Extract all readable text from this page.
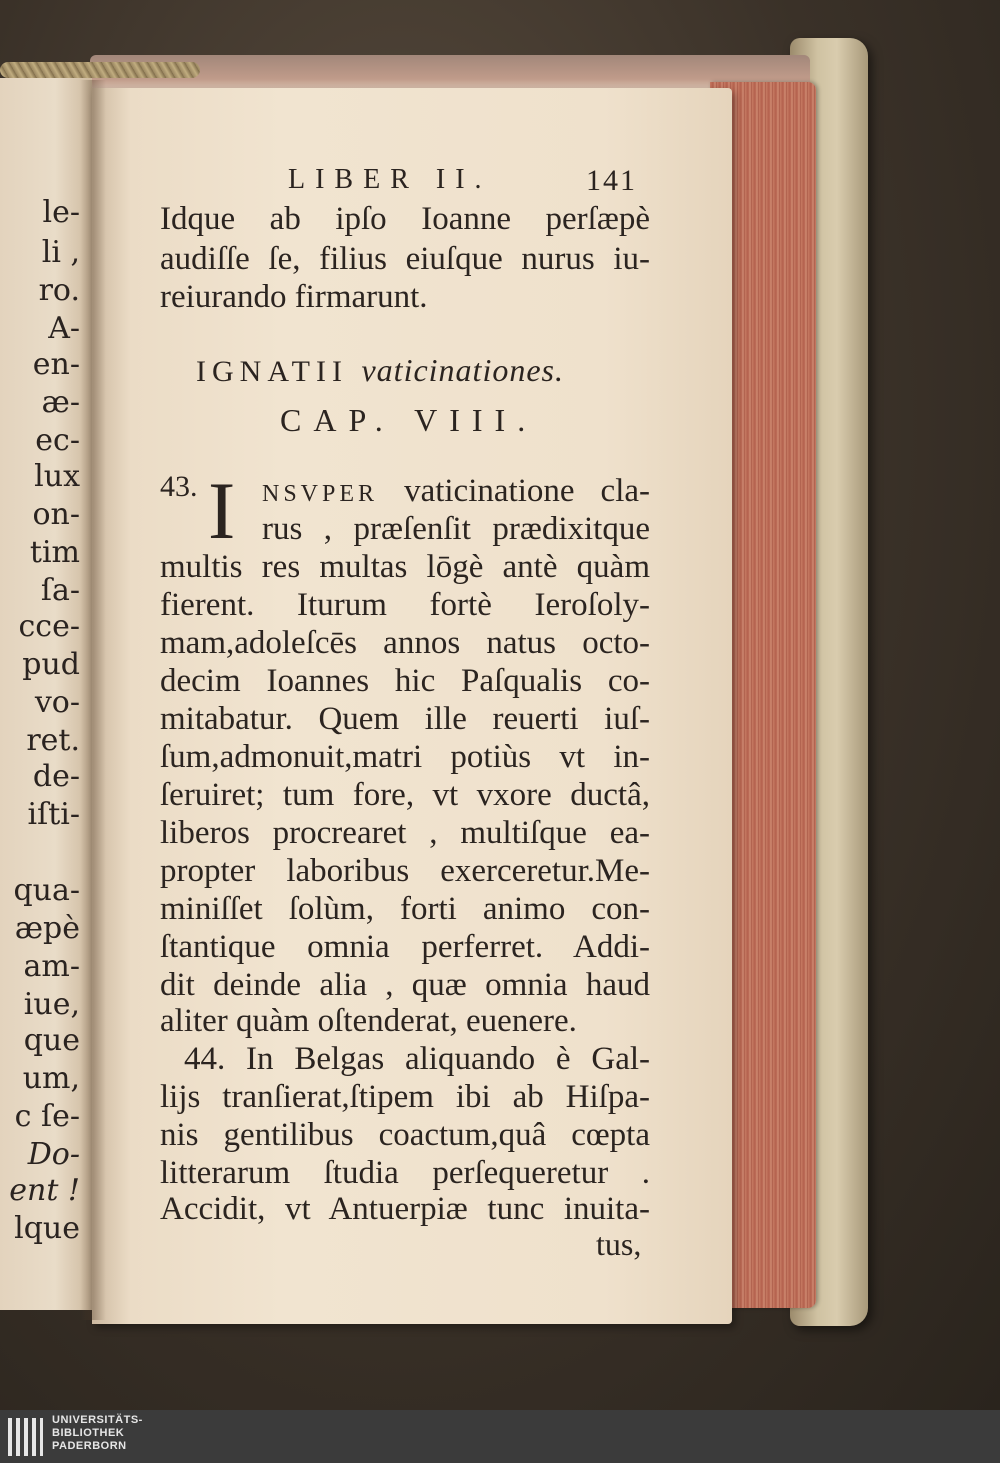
le-
li ,
ro.
A-
en-
æ-
ec-
lux
on-
tim
ſa-
cce-
pud
vo-
ret.
de-
iſti-
qua-
æpè
am-
iue,
que
um,
c ſe-
Do-
ent !
lque
LIBER II.	141
Idque ab ipſo Ioanne perſæpè
audiſſe ſe, filius eiuſque nurus iu-
reiurando firmarunt.
IGNATII vaticinationes.
CAP. VIII.
43. I NSVPER vaticinatione cla-
rus , præſenſit prædixitque
multis res multas lōgè antè quàm
fierent. Iturum fortè Ieroſoly-
mam,adoleſcēs annos natus octo-
decim Ioannes hic Paſqualis co-
mitabatur. Quem ille reuerti iuſ-
ſum,admonuit,matri potiùs vt in-
ſeruiret; tum fore, vt vxore ductâ,
liberos procrearet , multiſque ea-
propter laboribus exerceretur.Me-
miniſſet ſolùm, forti animo con-
ſtantique omnia perferret. Addi-
dit deinde alia , quæ omnia haud
aliter quàm oſtenderat, euenere.
44. In Belgas aliquando è Gal-
lijs tranſierat,ſtipem ibi ab Hiſpa-
nis gentilibus coactum,quâ cœpta
litterarum ſtudia perſequeretur .
Accidit, vt Antuerpiæ tunc inuita-
tus,
UNIVERSITÄTS-
BIBLIOTHEK
PADERBORN
